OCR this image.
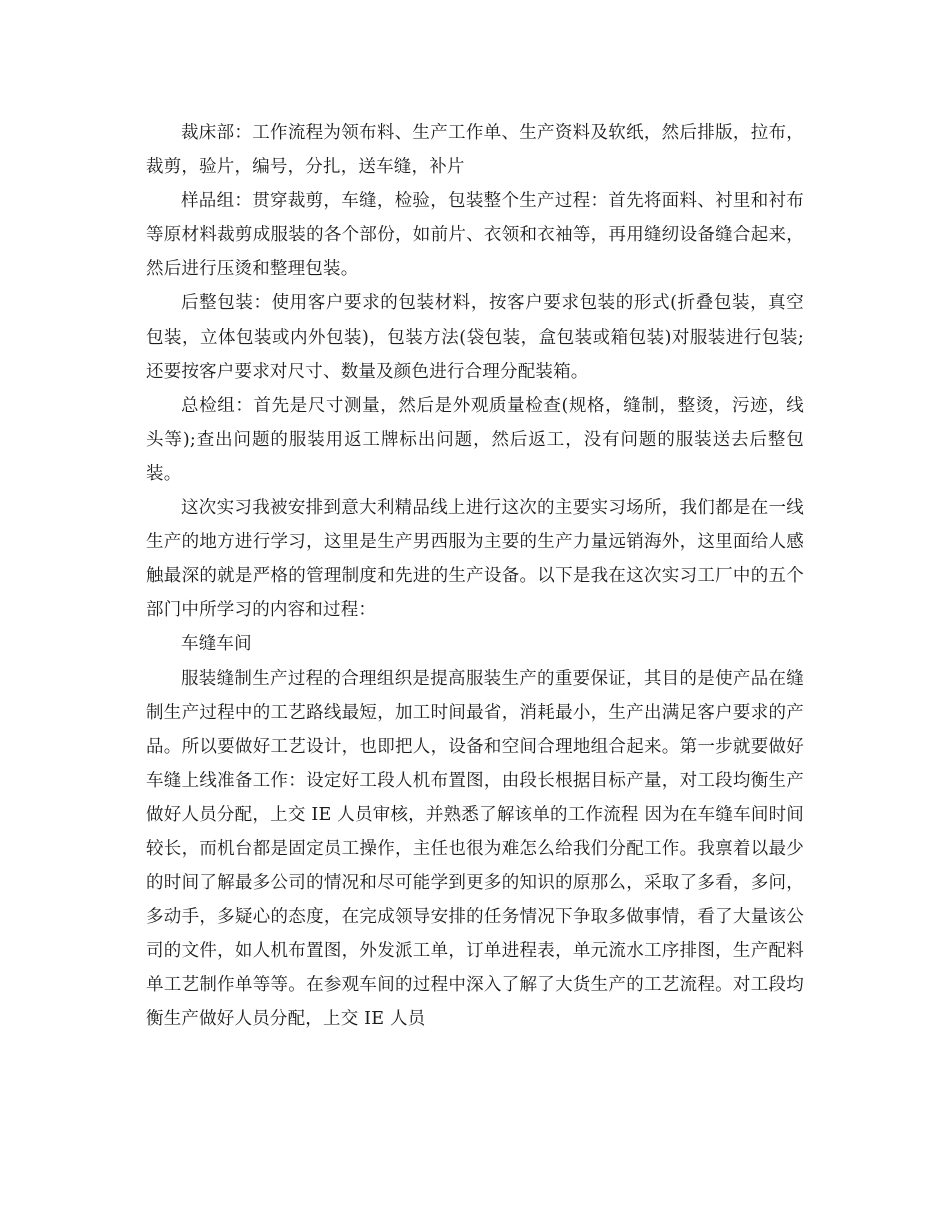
裁床部：工作流程为领布料、生产工作单、生产资料及软纸，然后排版，拉布，裁剪，验片，编号，分扎，送车缝，补片

样品组：贯穿裁剪，车缝，检验，包装整个生产过程：首先将面料、衬里和衬布等原材料裁剪成服装的各个部份，如前片、衣领和衣袖等，再用缝纫设备缝合起来，然后进行压烫和整理包装。

后整包装：使用客户要求的包装材料，按客户要求包装的形式(折叠包装，真空包装，立体包装或内外包装)，包装方法(袋包装，盒包装或箱包装)对服装进行包装;还要按客户要求对尺寸、数量及颜色进行合理分配装箱。

总检组：首先是尺寸测量，然后是外观质量检查(规格，缝制，整烫，污迹，线头等);查出问题的服装用返工牌标出问题，然后返工，没有问题的服装送去后整包装。

这次实习我被安排到意大利精品线上进行这次的主要实习场所，我们都是在一线生产的地方进行学习，这里是生产男西服为主要的生产力量远销海外，这里面给人感触最深的就是严格的管理制度和先进的生产设备。以下是我在这次实习工厂中的五个部门中所学习的内容和过程：

车缝车间

服装缝制生产过程的合理组织是提高服装生产的重要保证，其目的是使产品在缝制生产过程中的工艺路线最短，加工时间最省，消耗最小，生产出满足客户要求的产品。所以要做好工艺设计，也即把人，设备和空间合理地组合起来。第一步就要做好车缝上线准备工作：设定好工段人机布置图，由段长根据目标产量，对工段均衡生产做好人员分配，上交 IE 人员审核，并熟悉了解该单的工作流程 因为在车缝车间时间较长，而机台都是固定员工操作，主任也很为难怎么给我们分配工作。我禀着以最少的时间了解最多公司的情况和尽可能学到更多的知识的原那么，采取了多看，多问，多动手，多疑心的态度，在完成领导安排的任务情况下争取多做事情，看了大量该公司的文件，如人机布置图，外发派工单，订单进程表，单元流水工序排图，生产配料单工艺制作单等等。在参观车间的过程中深入了解了大货生产的工艺流程。对工段均衡生产做好人员分配，上交 IE 人员
